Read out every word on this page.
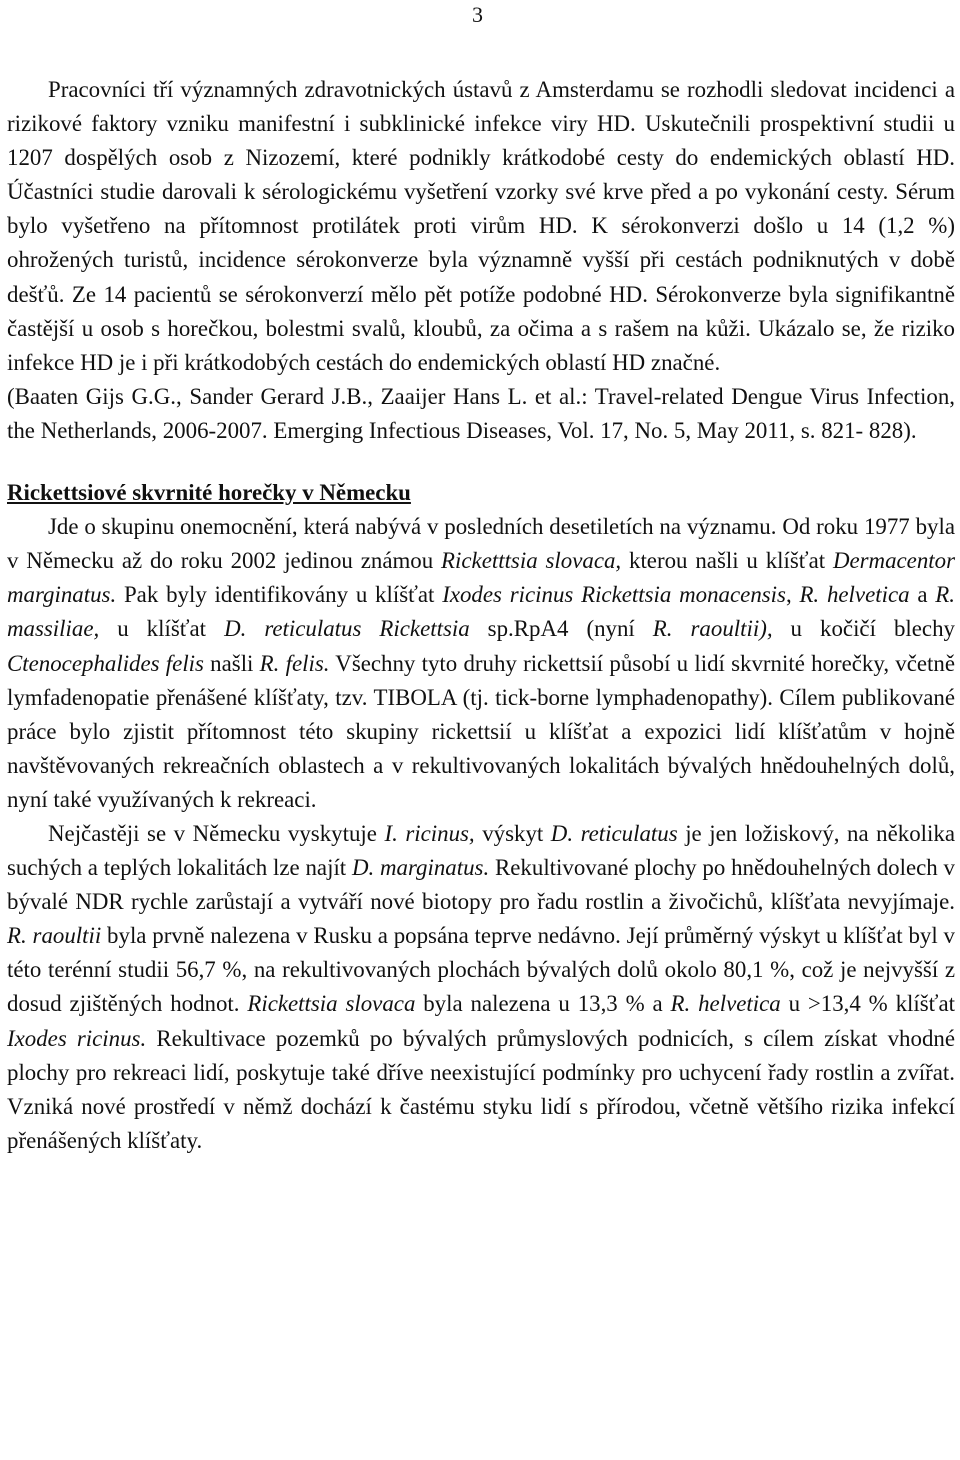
3

Pracovníci tří významných zdravotnických ústavů z Amsterdamu se rozhodli sledovat incidenci a rizikové faktory vzniku manifestní i subklinické infekce viry HD. Uskutečnili prospektivní studii u 1207 dospělých osob z Nizozemí, které podnikly krátkodobé cesty do endemických oblastí HD. Účastníci studie darovali k sérologickému vyšetření vzorky své krve před a po vykonání cesty. Sérum bylo vyšetřeno na přítomnost protilátek proti virům HD. K sérokonverzi došlo u 14 (1,2 %) ohrožených turistů, incidence sérokonverze byla významně vyšší při cestách podniknutých v době dešťů. Ze 14 pacientů se sérokonverzí mělo pět potíže podobné HD. Sérokonverze byla signifikantně častější u osob s horečkou, bolestmi svalů, kloubů, za očima a s rašem na kůži. Ukázalo se, že riziko infekce HD je i při krátkodobých cestách do endemických oblastí HD značné.

(Baaten Gijs G.G., Sander Gerard J.B., Zaaijer Hans L. et al.: Travel-related Dengue Virus Infection, the Netherlands, 2006-2007. Emerging Infectious Diseases, Vol. 17, No. 5, May 2011, s. 821- 828).

Rickettsiové skvrnité horečky v Německu

Jde o skupinu onemocnění, která nabývá v posledních desetiletích na významu. Od roku 1977 byla v Německu až do roku 2002 jedinou známou Ricketttsia slovaca, kterou našli u klíšťat Dermacentor marginatus. Pak byly identifikovány u klíšťat Ixodes ricinus Rickettsia monacensis, R. helvetica a R. massiliae, u klíšťat D. reticulatus Rickettsia sp.RpA4 (nyní R. raoultii), u kočičí blechy Ctenocephalides felis našli R. felis. Všechny tyto druhy rickettsií působí u lidí skvrnité horečky, včetně lymfadenopatie přenášené klíšťaty, tzv. TIBOLA (tj. tick-borne lymphadenopathy). Cílem publikované práce bylo zjistit přítomnost této skupiny rickettsií u klíšťat a expozici lidí klíšťatům v hojně navštěvovaných rekreačních oblastech a v rekultivovaných lokalitách bývalých hnědouhelných dolů, nyní také využívaných k rekreaci.

Nejčastěji se v Německu vyskytuje I. ricinus, výskyt D. reticulatus je jen ložiskový, na několika suchých a teplých lokalitách lze najít D. marginatus. Rekultivované plochy po hnědouhelných dolech v bývalé NDR rychle zarůstají a vytváří nové biotopy pro řadu rostlin a živočichů, klíšťata nevyjímaje. R. raoultii byla prvně nalezena v Rusku a popsána teprve nedávno. Její průměrný výskyt u klíšťat byl v této terénní studii 56,7 %, na rekultivovaných plochách bývalých dolů okolo 80,1 %, což je nejvyšší z dosud zjištěných hodnot. Rickettsia slovaca byla nalezena u 13,3 % a R. helvetica u >13,4 % klíšťat Ixodes ricinus. Rekultivace pozemků po bývalých průmyslových podnicích, s cílem získat vhodné plochy pro rekreaci lidí, poskytuje také dříve neexistující podmínky pro uchycení řady rostlin a zvířat. Vzniká nové prostředí v němž dochází k častému styku lidí s přírodou, včetně většího rizika infekcí přenášených klíšťaty.
